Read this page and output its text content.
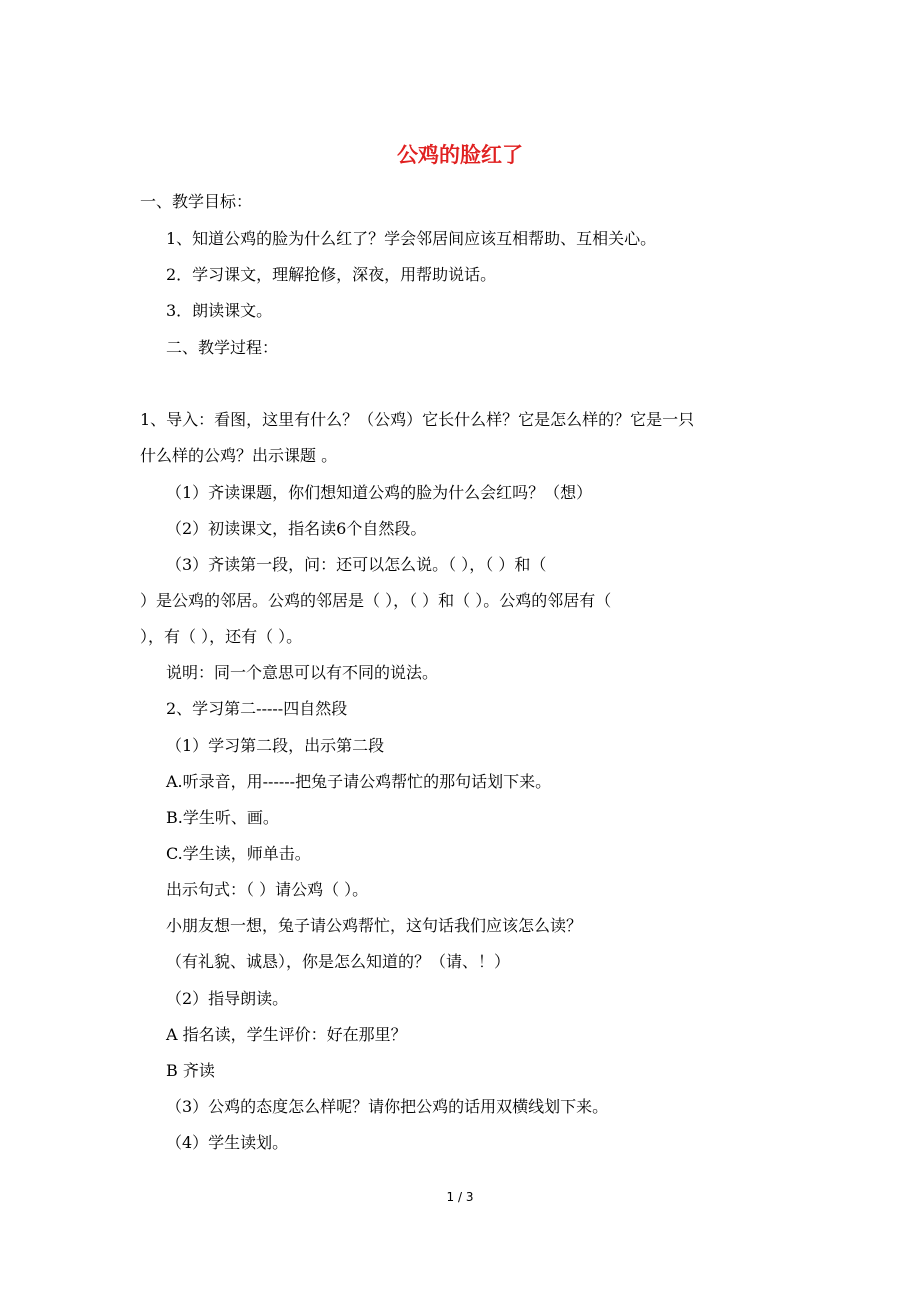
公鸡的脸红了
一、教学目标：
1、知道公鸡的脸为什么红了？学会邻居间应该互相帮助、互相关心。
2．学习课文，理解抢修，深夜，用帮助说话。
3．朗读课文。
二、教学过程：
1、导入：看图，这里有什么？（公鸡）它长什么样？它是怎么样的？它是一只
什么样的公鸡？出示课题 。
（1）齐读课题，你们想知道公鸡的脸为什么会红吗？（想）
（2）初读课文，指名读6个自然段。
（3）齐读第一段，问：还可以怎么说。（ ），（ ）和（
）是公鸡的邻居。公鸡的邻居是（ ），（ ）和（ ）。公鸡的邻居有（
），有（ ），还有（ ）。
说明：同一个意思可以有不同的说法。
2、学习第二-----四自然段
（1）学习第二段，出示第二段
A.听录音，用------把兔子请公鸡帮忙的那句话划下来。
B.学生听、画。
C.学生读，师单击。
出示句式：（ ）请公鸡（ ）。
小朋友想一想，兔子请公鸡帮忙，这句话我们应该怎么读？
（有礼貌、诚恳），你是怎么知道的？（请、！）
（2）指导朗读。
A 指名读，学生评价：好在那里？
B 齐读
（3）公鸡的态度怎么样呢？请你把公鸡的话用双横线划下来。
（4）学生读划。
1 / 3
